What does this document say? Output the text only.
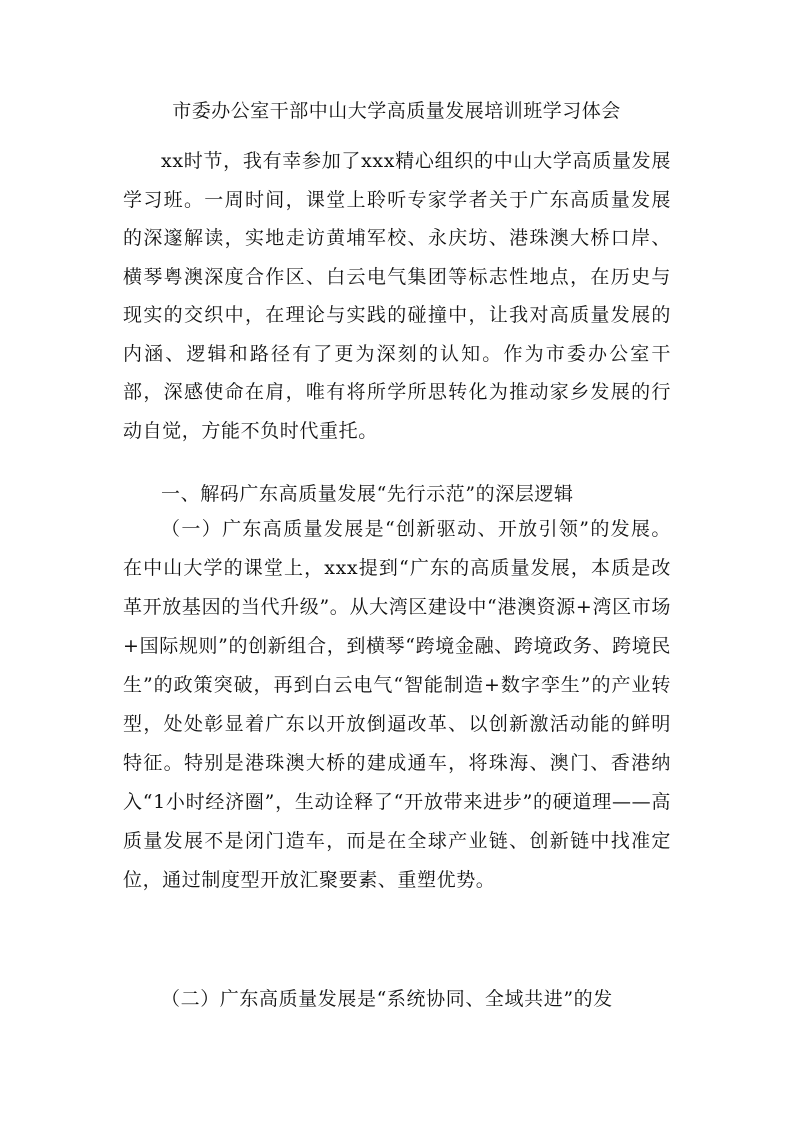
市委办公室干部中山大学高质量发展培训班学习体会

xx时节，我有幸参加了xxx精心组织的中山大学高质量发展学习班。一周时间，课堂上聆听专家学者关于广东高质量发展的深邃解读，实地走访黄埔军校、永庆坊、港珠澳大桥口岸、横琴粤澳深度合作区、白云电气集团等标志性地点，在历史与现实的交织中，在理论与实践的碰撞中，让我对高质量发展的内涵、逻辑和路径有了更为深刻的认知。作为市委办公室干部，深感使命在肩，唯有将所学所思转化为推动家乡发展的行动自觉，方能不负时代重托。

一、解码广东高质量发展“先行示范”的深层逻辑

（一）广东高质量发展是“创新驱动、开放引领”的发展。在中山大学的课堂上，xxx提到“广东的高质量发展，本质是改革开放基因的当代升级”。从大湾区建设中“港澳资源+湾区市场+国际规则”的创新组合，到横琴“跨境金融、跨境政务、跨境民生”的政策突破，再到白云电气“智能制造+数字孪生”的产业转型，处处彰显着广东以开放倒逼改革、以创新激活动能的鲜明特征。特别是港珠澳大桥的建成通车，将珠海、澳门、香港纳入“1小时经济圈”，生动诠释了“开放带来进步”的硬道理——高质量发展不是闭门造车，而是在全球产业链、创新链中找准定位，通过制度型开放汇聚要素、重塑优势。

（二）广东高质量发展是“系统协同、全域共进”的发
